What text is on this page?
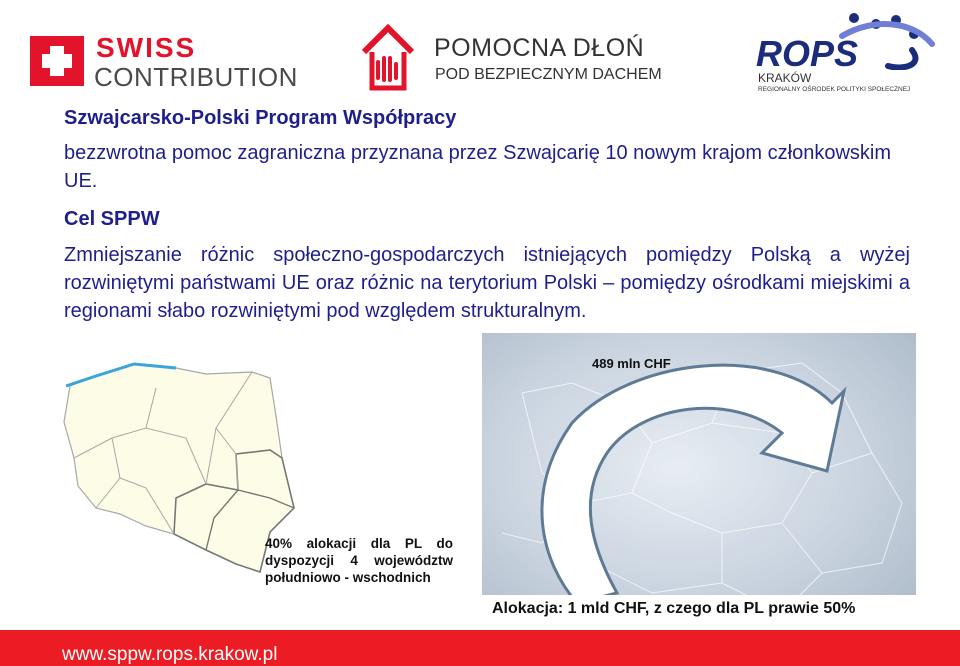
SWISS
CONTRIBUTION
POMOCNA DŁOŃ
POD BEZPIECZNYM DACHEM
ROPS
KRAKÓW
REGIONALNY OŚRODEK POLITYKI SPOŁECZNEJ
Szwajcarsko-Polski Program Współpracy
bezzwrotna pomoc zagraniczna przyznana przez Szwajcarię 10 nowym krajom członkowskim UE.
Cel SPPW
Zmniejszanie różnic społeczno-gospodarczych istniejących pomiędzy Polską a wyżej rozwiniętymi państwami UE oraz różnic na terytorium Polski – pomiędzy ośrodkami miejskimi a regionami słabo rozwiniętymi pod względem strukturalnym.
489 mln CHF
Alokacja: 1 mld CHF, z czego dla PL prawie 50%
40% alokacji dla PL do dyspozycji 4 województw południowo - wschodnich
www.sppw.rops.krakow.pl
